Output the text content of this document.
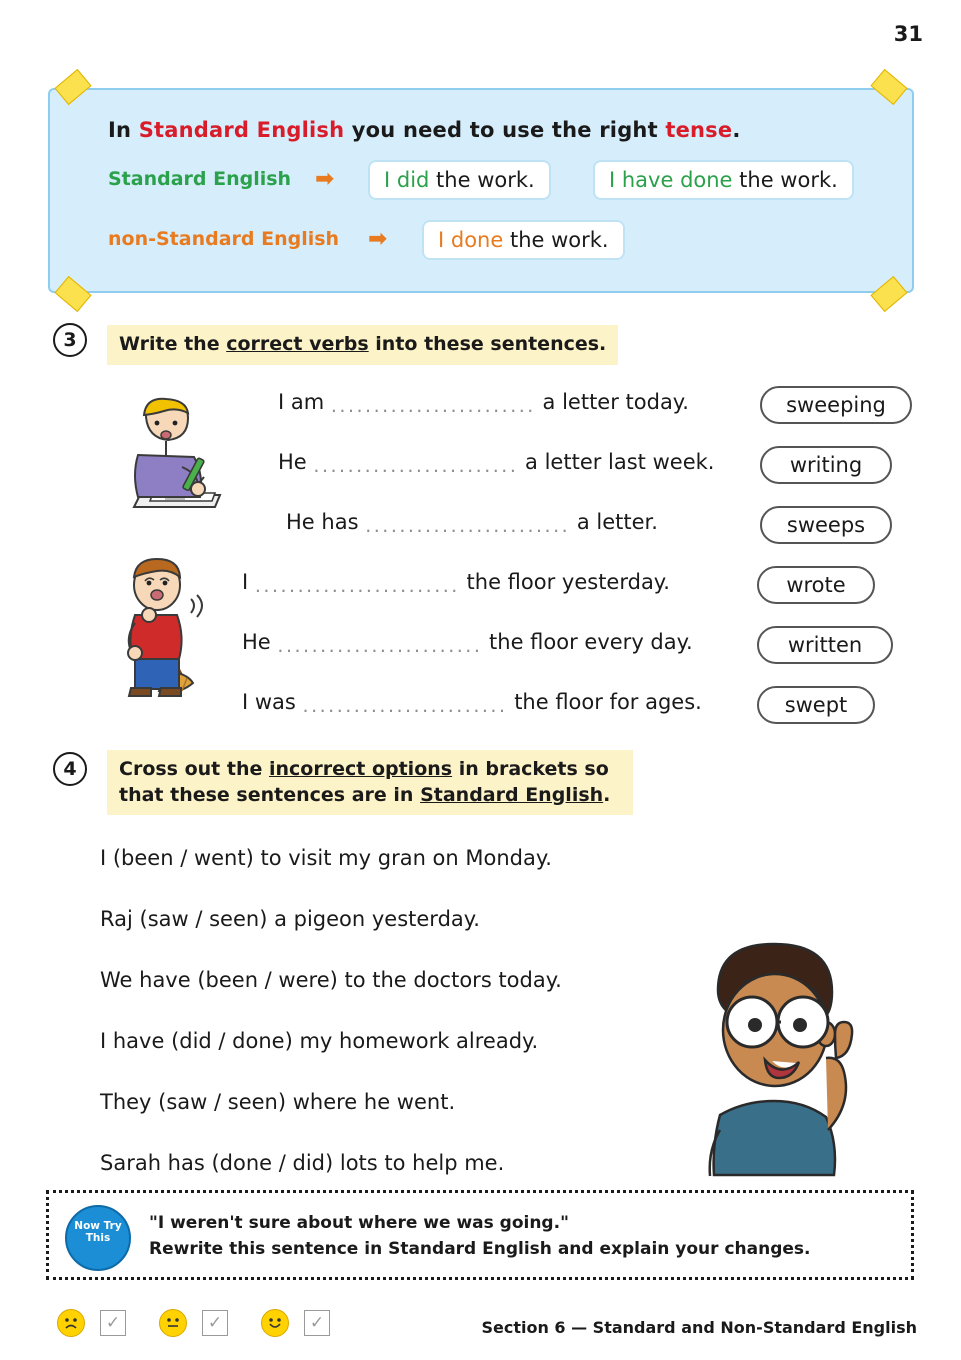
31
In Standard English you need to use the right tense.
Standard English ➡	I did the work.	I have done the work.
non-Standard English ➡	I done the work.
3	Write the correct verbs into these sentences.
I am ........................ a letter today.
He ........................ a letter last week.
He has ........................ a letter.
I ........................ the floor yesterday.
He ........................ the floor every day.
I was ........................ the floor for ages.
sweeping
writing
sweeps
wrote
written
swept
4	Cross out the incorrect options in brackets so
that these sentences are in Standard English.
I (been / went) to visit my gran on Monday.
Raj (saw / seen) a pigeon yesterday.
We have (been / were) to the doctors today.
I have (did / done) my homework already.
They (saw / seen) where he went.
Sarah has (done / did) lots to help me.
Now Try
This
"I weren't sure about where we was going."
Rewrite this sentence in Standard English and explain your changes.
✓	✓	✓	Section 6 — Standard and Non-Standard English
